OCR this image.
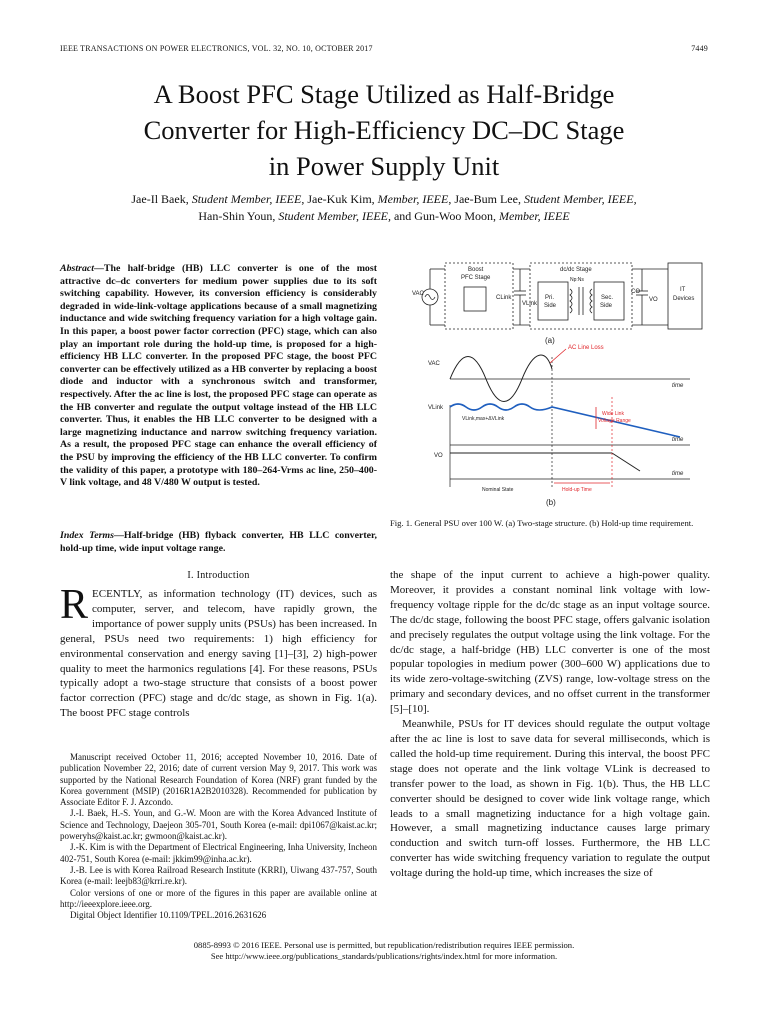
IEEE TRANSACTIONS ON POWER ELECTRONICS, VOL. 32, NO. 10, OCTOBER 2017	7449
A Boost PFC Stage Utilized as Half-Bridge
Converter for High-Efficiency DC–DC Stage
in Power Supply Unit
Jae-Il Baek, Student Member, IEEE, Jae-Kuk Kim, Member, IEEE, Jae-Bum Lee, Student Member, IEEE,
Han-Shin Youn, Student Member, IEEE, and Gun-Woo Moon, Member, IEEE

Abstract—The half-bridge (HB) LLC converter is one of the most attractive dc–dc converters for medium power supplies due to its soft switching capability. However, its conversion efficiency is considerably degraded in wide-link-voltage applications because of a small magnetizing inductance and wide switching frequency variation for a high voltage gain. In this paper, a boost power factor correction (PFC) stage, which can also play an important role during the hold-up time, is proposed for a high-efficiency HB LLC converter. In the proposed PFC stage, the boost PFC converter can be effectively utilized as a HB converter by replacing a boost diode and inductor with a synchronous switch and transformer, respectively. After the ac line is lost, the proposed PFC stage can operate as the HB converter and regulate the output voltage instead of the HB LLC converter. Thus, it enables the HB LLC converter to be designed with a large magnetizing inductance and narrow switching frequency variation. As a result, the proposed PFC stage can enhance the overall efficiency of the PSU by improving the efficiency of the HB LLC converter. To confirm the validity of this paper, a prototype with 180–264-Vrms ac line, 250–400-V link voltage, and 48 V/480 W output is tested.

Index Terms—Half-bridge (HB) flyback converter, HB LLC converter, hold-up time, wide input voltage range.

I. Introduction

RECENTLY, as information technology (IT) devices, such as computer, server, and telecom, have rapidly grown, the importance of power supply units (PSUs) has been increased. In general, PSUs need two requirements: 1) high efficiency for environmental conservation and energy saving [1]–[3], 2) high-power quality to meet the harmonics regulations [4]. For these reasons, PSUs typically adopt a two-stage structure that consists of a boost power factor correction (PFC) stage and dc/dc stage, as shown in Fig. 1(a). The boost PFC stage controls

Manuscript received October 11, 2016; accepted November 10, 2016. Date of publication November 22, 2016; date of current version May 9, 2017. This work was supported by the National Research Foundation of Korea (NRF) grant funded by the Korea government (MSIP) (2016R1A2B2010328). Recommended for publication by Associate Editor F. J. Azcondo.

J.-I. Baek, H.-S. Youn, and G.-W. Moon are with the Korea Advanced Institute of Science and Technology, Daejeon 305-701, South Korea (e-mail: dpi1067@kaist.ac.kr; poweryhs@kaist.ac.kr; gwmoon@kaist.ac.kr).

J.-K. Kim is with the Department of Electrical Engineering, Inha University, Incheon 402-751, South Korea (e-mail: jkkim99@inha.ac.kr).

J.-B. Lee is with Korea Railroad Research Institute (KRRI), Uiwang 437-757, South Korea (e-mail: leejb83@krri.re.kr).

Color versions of one or more of the figures in this paper are available online at http://ieeexplore.ieee.org.

Digital Object Identifier 10.1109/TPEL.2016.2631626

VAC
Boost
PFC Stage
CLink
VLink
dc/dc Stage
Np:Ns
Pri.
Side
Sec.
Side
CO
VO
IT
Devices
(a)
AC Line Loss
VAC
time
VLink
VLink,max+ΔVLink
Wide Link
Voltage Range
time
VO
time
Nominal State	Hold-up Time
(b)
Fig. 1. General PSU over 100 W. (a) Two-stage structure. (b) Hold-up time requirement.

the shape of the input current to achieve a high-power quality. Moreover, it provides a constant nominal link voltage with low-frequency voltage ripple for the dc/dc stage as an input voltage source. The dc/dc stage, following the boost PFC stage, offers galvanic isolation and precisely regulates the output voltage using the link voltage. For the dc/dc stage, a half-bridge (HB) LLC converter is one of the most popular topologies in medium power (300–600 W) applications due to its wide zero-voltage-switching (ZVS) range, low-voltage stress on the primary and secondary devices, and no offset current in the transformer [5]–[10].

Meanwhile, PSUs for IT devices should regulate the output voltage after the ac line is lost to save data for several milliseconds, which is called the hold-up time requirement. During this interval, the boost PFC stage does not operate and the link voltage VLink is decreased to transfer power to the load, as shown in Fig. 1(b). Thus, the HB LLC converter should be designed to cover wide link voltage range, which leads to a small magnetizing inductance for a high voltage gain. However, a small magnetizing inductance causes large primary conduction and switch turn-off losses. Furthermore, the HB LLC converter has wide switching frequency variation to regulate the output voltage during the hold-up time, which increases the size of

0885-8993 © 2016 IEEE. Personal use is permitted, but republication/redistribution requires IEEE permission.
See http://www.ieee.org/publications_standards/publications/rights/index.html for more information.
